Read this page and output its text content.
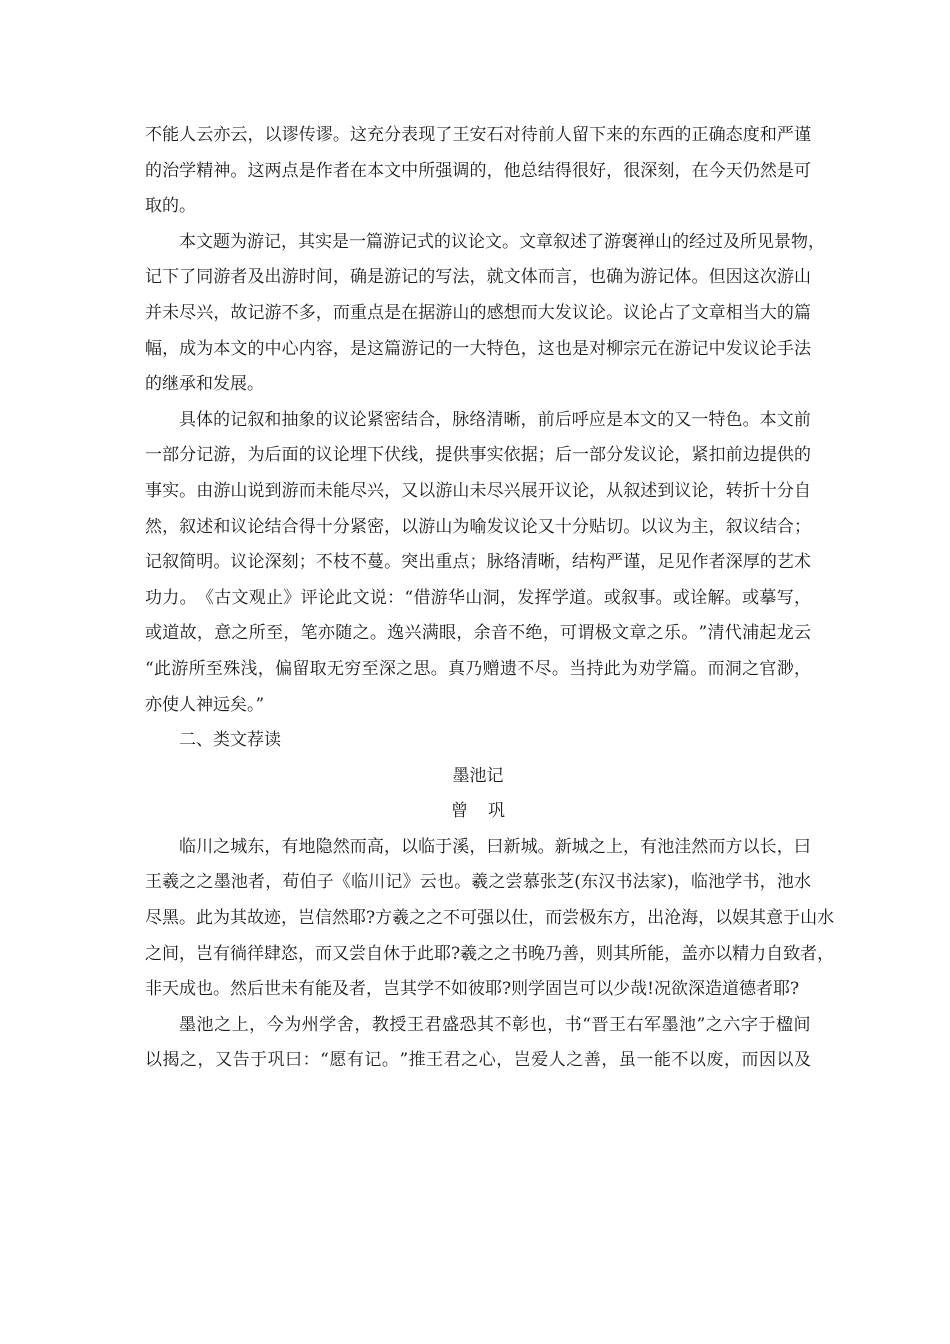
不 能 人 云 亦 云 ， 以 谬 传 谬 。 这 充 分 表 现 了 王 安 石 对 待 前 人 留 下 来 的 东 西 的 正 确 态 度 和 严 谨
的 治 学 精 神 。 这 两 点 是 作 者 在 本 文 中 所 强 调 的 ， 他 总 结 得 很 好 ， 很 深 刻 ， 在 今 天 仍 然 是 可
取的。
本 文 题 为 游 记 ， 其 实 是 一 篇 游 记 式 的 议 论 文 。 文 章 叙 述 了 游 褒 禅 山 的 经 过 及 所 见 景 物 ，
记 下 了 同 游 者 及 出 游 时 间 ， 确 是 游 记 的 写 法 ， 就 文 体 而 言 ， 也 确 为 游 记 体 。 但 因 这 次 游 山
并 未 尽 兴 ， 故 记 游 不 多 ， 而 重 点 是 在 据 游 山 的 感 想 而 大 发 议 论 。 议 论 占 了 文 章 相 当 大 的 篇
幅 ， 成 为 本 文 的 中 心 内 容 ， 是 这 篇 游 记 的 一 大 特 色 ， 这 也 是 对 柳 宗 元 在 游 记 中 发 议 论 手 法
的继承和发展。
具 体 的 记 叙 和 抽 象 的 议 论 紧 密 结 合 ， 脉 络 清 晰 ， 前 后 呼 应 是 本 文 的 又 一 特 色 。 本 文 前
一 部 分 记 游 ， 为 后 面 的 议 论 埋 下 伏 线 ， 提 供 事 实 依 据 ； 后 一 部 分 发 议 论 ， 紧 扣 前 边 提 供 的
事 实 。 由 游 山 说 到 游 而 未 能 尽 兴 ， 又 以 游 山 未 尽 兴 展 开 议 论 ， 从 叙 述 到 议 论 ， 转 折 十 分 自
然 ， 叙 述 和 议 论 结 合 得 十 分 紧 密 ， 以 游 山 为 喻 发 议 论 又 十 分 贴 切 。 以 议 为 主 ， 叙 议 结 合 ；
记 叙 简 明 。 议 论 深 刻 ； 不 枝 不 蔓 。 突 出 重 点 ； 脉 络 清 晰 ， 结 构 严 谨 ， 足 见 作 者 深 厚 的 艺 术
功 力 。 《 古 文 观 止 》 评 论 此 文 说 ： “ 借 游 华 山 洞 ， 发 挥 学 道 。 或 叙 事 。 或 诠 解 。 或 摹 写 ，
或 道 故 ， 意 之 所 至 ， 笔 亦 随 之 。 逸 兴 满 眼 ， 余 音 不 绝 ， 可 谓 极 文 章 之 乐 。 ” 清 代 浦 起 龙 云
“ 此 游 所 至 殊 浅 ， 偏 留 取 无 穷 至 深 之 思 。 真 乃 赠 遗 不 尽 。 当 持 此 为 劝 学 篇 。 而 洞 之 官 渺 ，
亦使人神远矣。”
二、类文荐读
墨池记
曾巩
临 川 之 城 东 ， 有 地 隐 然 而 高 ， 以 临 于 溪 ， 曰 新 城 。 新 城 之 上 ， 有 池 洼 然 而 方 以 长 ， 曰
王 羲 之 之 墨 池 者 ， 荀 伯 子 《 临 川 记 》 云 也 。 羲 之 尝 慕 张 芝 ( 东 汉 书 法 家 ) ， 临 池 学 书 ， 池 水
尽 黑 。 此 为 其 故 迹 ， 岂 信 然 耶 ? 方 羲 之 之 不 可 强 以 仕 ， 而 尝 极 东 方 ， 出 沧 海 ， 以 娱 其 意 于 山 水
之 间 ， 岂 有 徜 徉 肆 恣 ， 而 又 尝 自 休 于 此 耶 ? 羲 之 之 书 晚 乃 善 ， 则 其 所 能 ， 盖 亦 以 精 力 自 致 者 ，
非天成也。然后世未有能及者，岂其学不如彼耶?则学固岂可以少哉!况欲深造道德者耶?
墨 池 之 上 ， 今 为 州 学 舍 ， 教 授 王 君 盛 恐 其 不 彰 也 ， 书 “ 晋 王 右 军 墨 池 ” 之 六 字 于 楹 间
以 揭 之 ， 又 告 于 巩 曰 ： “ 愿 有 记 。 ” 推 王 君 之 心 ， 岂 爱 人 之 善 ， 虽 一 能 不 以 废 ， 而 因 以 及
